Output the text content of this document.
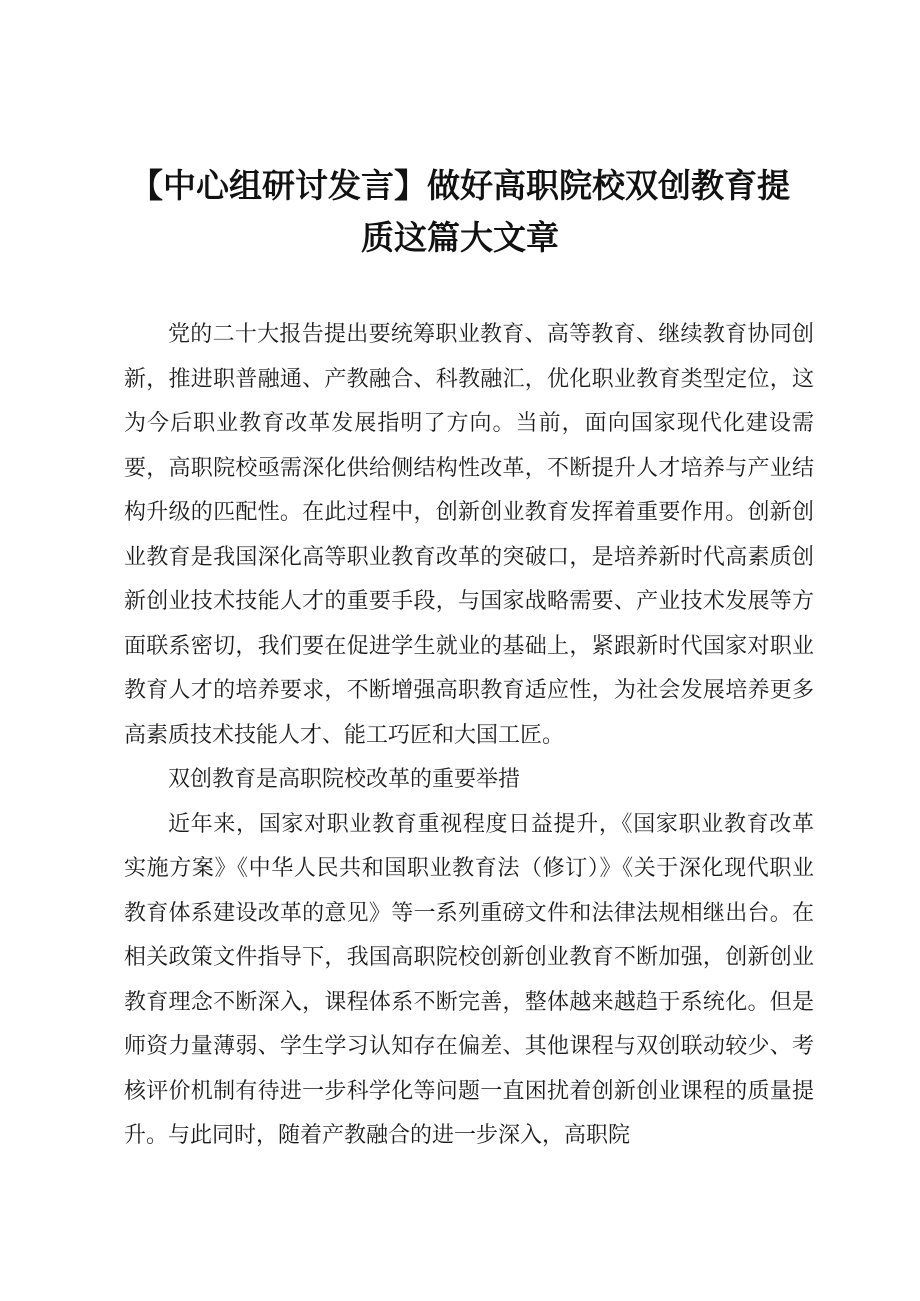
【中心组研讨发言】做好高职院校双创教育提
质这篇大文章

党的二十大报告提出要统筹职业教育、高等教育、继续教育协同创新，推进职普融通、产教融合、科教融汇，优化职业教育类型定位，这为今后职业教育改革发展指明了方向。当前，面向国家现代化建设需要，高职院校亟需深化供给侧结构性改革，不断提升人才培养与产业结构升级的匹配性。在此过程中，创新创业教育发挥着重要作用。创新创业教育是我国深化高等职业教育改革的突破口，是培养新时代高素质创新创业技术技能人才的重要手段，与国家战略需要、产业技术发展等方面联系密切，我们要在促进学生就业的基础上，紧跟新时代国家对职业教育人才的培养要求，不断增强高职教育适应性，为社会发展培养更多高素质技术技能人才、能工巧匠和大国工匠。

双创教育是高职院校改革的重要举措

近年来，国家对职业教育重视程度日益提升，《国家职业教育改革实施方案》《中华人民共和国职业教育法（修订）》《关于深化现代职业教育体系建设改革的意见》等一系列重磅文件和法律法规相继出台。在相关政策文件指导下，我国高职院校创新创业教育不断加强，创新创业教育理念不断深入，课程体系不断完善，整体越来越趋于系统化。但是师资力量薄弱、学生学习认知存在偏差、其他课程与双创联动较少、考核评价机制有待进一步科学化等问题一直困扰着创新创业课程的质量提升。与此同时，随着产教融合的进一步深入，高职院
